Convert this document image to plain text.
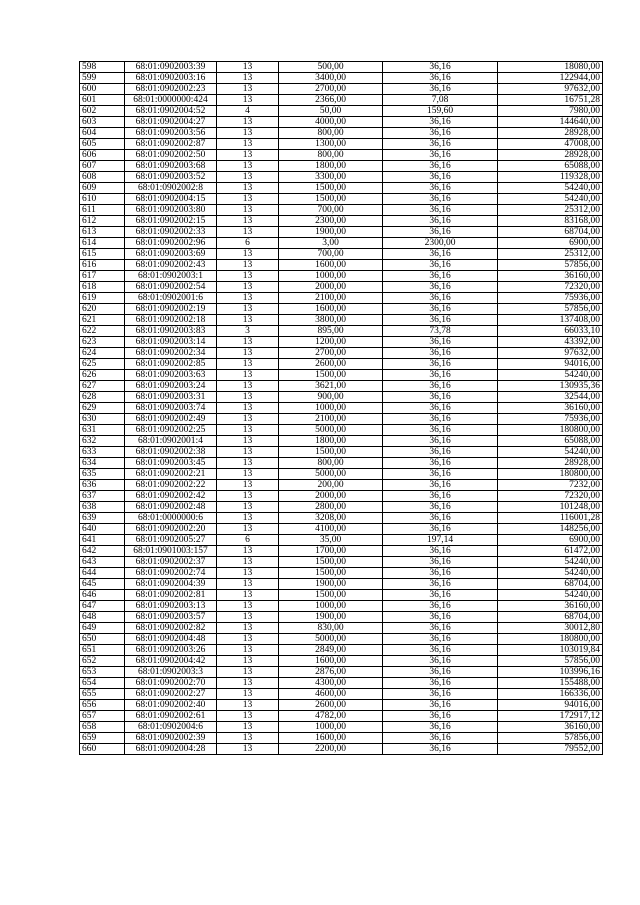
598	68:01:0902003:39	13	500,00	36,16	18080,00
599	68:01:0902003:16	13	3400,00	36,16	122944,00
600	68:01:0902002:23	13	2700,00	36,16	97632,00
601	68:01:0000000:424	13	2366,00	7,08	16751,28
602	68:01:0902004:52	4	50,00	159,60	7980,00
603	68:01:0902004:27	13	4000,00	36,16	144640,00
604	68:01:0902003:56	13	800,00	36,16	28928,00
605	68:01:0902002:87	13	1300,00	36,16	47008,00
606	68:01:0902002:50	13	800,00	36,16	28928,00
607	68:01:0902003:68	13	1800,00	36,16	65088,00
608	68:01:0902003:52	13	3300,00	36,16	119328,00
609	68:01:0902002:8	13	1500,00	36,16	54240,00
610	68:01:0902004:15	13	1500,00	36,16	54240,00
611	68:01:0902003:80	13	700,00	36,16	25312,00
612	68:01:0902002:15	13	2300,00	36,16	83168,00
613	68:01:0902002:33	13	1900,00	36,16	68704,00
614	68:01:0902002:96	6	3,00	2300,00	6900,00
615	68:01:0902003:69	13	700,00	36,16	25312,00
616	68:01:0902002:43	13	1600,00	36,16	57856,00
617	68:01:0902003:1	13	1000,00	36,16	36160,00
618	68:01:0902002:54	13	2000,00	36,16	72320,00
619	68:01:0902001:6	13	2100,00	36,16	75936,00
620	68:01:0902002:19	13	1600,00	36,16	57856,00
621	68:01:0902002:18	13	3800,00	36,16	137408,00
622	68:01:0902003:83	3	895,00	73,78	66033,10
623	68:01:0902003:14	13	1200,00	36,16	43392,00
624	68:01:0902002:34	13	2700,00	36,16	97632,00
625	68:01:0902002:85	13	2600,00	36,16	94016,00
626	68:01:0902003:63	13	1500,00	36,16	54240,00
627	68:01:0902003:24	13	3621,00	36,16	130935,36
628	68:01:0902003:31	13	900,00	36,16	32544,00
629	68:01:0902003:74	13	1000,00	36,16	36160,00
630	68:01:0902002:49	13	2100,00	36,16	75936,00
631	68:01:0902002:25	13	5000,00	36,16	180800,00
632	68:01:0902001:4	13	1800,00	36,16	65088,00
633	68:01:0902002:38	13	1500,00	36,16	54240,00
634	68:01:0902003:45	13	800,00	36,16	28928,00
635	68:01:0902002:21	13	5000,00	36,16	180800,00
636	68:01:0902002:22	13	200,00	36,16	7232,00
637	68:01:0902002:42	13	2000,00	36,16	72320,00
638	68:01:0902002:48	13	2800,00	36,16	101248,00
639	68:01:0000000:6	13	3208,00	36,16	116001,28
640	68:01:0902002:20	13	4100,00	36,16	148256,00
641	68:01:0902005:27	6	35,00	197,14	6900,00
642	68:01:0901003:157	13	1700,00	36,16	61472,00
643	68:01:0902002:37	13	1500,00	36,16	54240,00
644	68:01:0902002:74	13	1500,00	36,16	54240,00
645	68:01:0902004:39	13	1900,00	36,16	68704,00
646	68:01:0902002:81	13	1500,00	36,16	54240,00
647	68:01:0902003:13	13	1000,00	36,16	36160,00
648	68:01:0902003:57	13	1900,00	36,16	68704,00
649	68:01:0902002:82	13	830,00	36,16	30012,80
650	68:01:0902004:48	13	5000,00	36,16	180800,00
651	68:01:0902003:26	13	2849,00	36,16	103019,84
652	68:01:0902004:42	13	1600,00	36,16	57856,00
653	68:01:0902003:3	13	2876,00	36,16	103996,16
654	68:01:0902002:70	13	4300,00	36,16	155488,00
655	68:01:0902002:27	13	4600,00	36,16	166336,00
656	68:01:0902002:40	13	2600,00	36,16	94016,00
657	68:01:0902002:61	13	4782,00	36,16	172917,12
658	68:01:0902004:6	13	1000,00	36,16	36160,00
659	68:01:0902002:39	13	1600,00	36,16	57856,00
660	68:01:0902004:28	13	2200,00	36,16	79552,00
